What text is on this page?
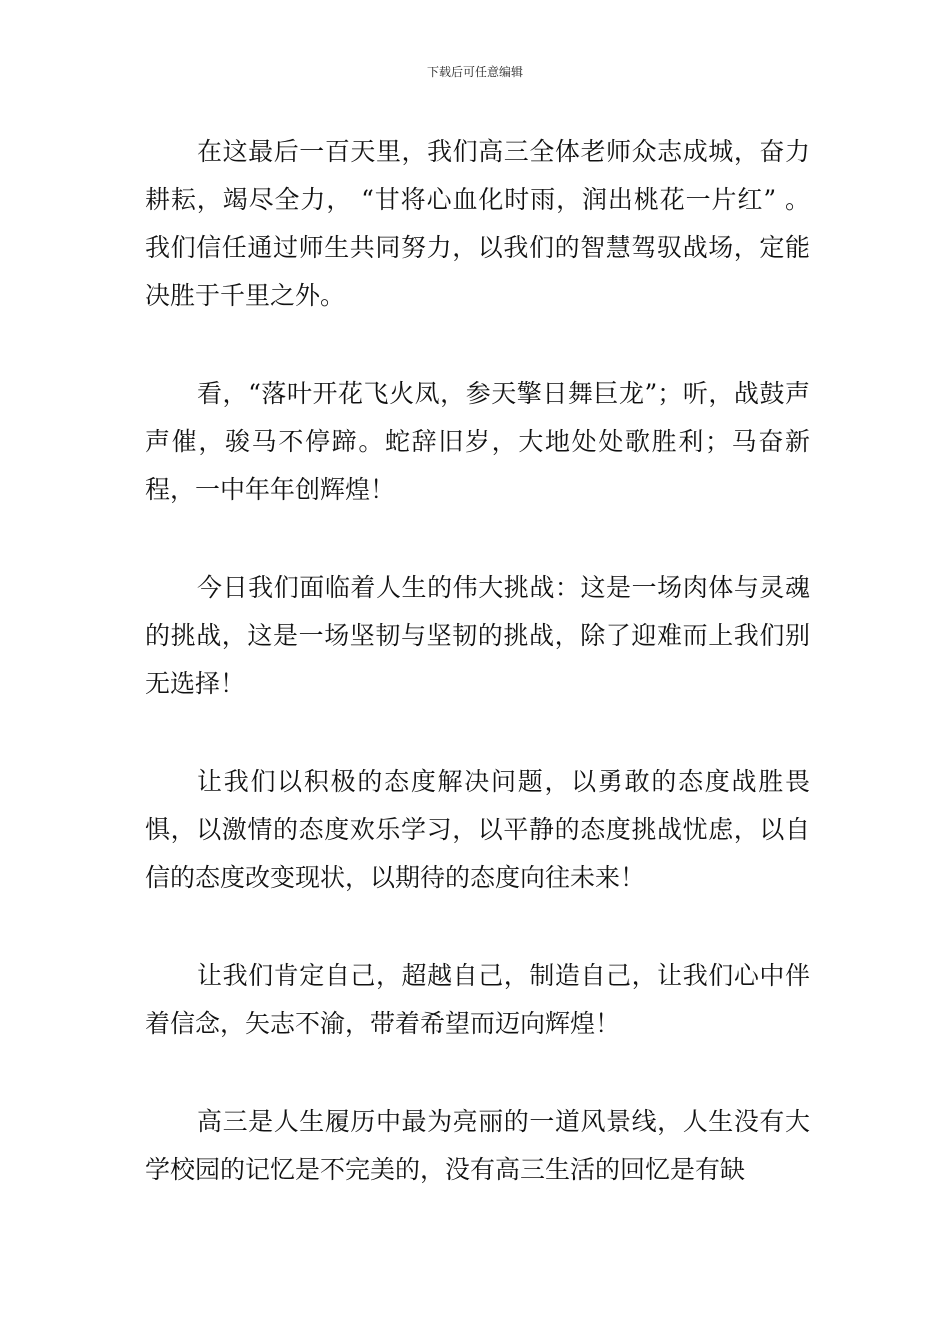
下载后可任意编辑

在这最后一百天里，我们高三全体老师众志成城，奋力耕耘，竭尽全力， “甘将心血化时雨，润出桃花一片红” 。我们信任通过师生共同努力，以我们的智慧驾驭战场，定能决胜于千里之外。

看，“落叶开花飞火凤，参天擎日舞巨龙”；听，战鼓声声催，骏马不停蹄。蛇辞旧岁，大地处处歌胜利；马奋新程，一中年年创辉煌！

今日我们面临着人生的伟大挑战：这是一场肉体与灵魂的挑战，这是一场坚韧与坚韧的挑战，除了迎难而上我们别无选择！

让我们以积极的态度解决问题，以勇敢的态度战胜畏惧，以激情的态度欢乐学习，以平静的态度挑战忧虑，以自信的态度改变现状，以期待的态度向往未来！

让我们肯定自己，超越自己，制造自己，让我们心中伴着信念，矢志不渝，带着希望而迈向辉煌！

高三是人生履历中最为亮丽的一道风景线，人生没有大学校园的记忆是不完美的，没有高三生活的回忆是有缺
